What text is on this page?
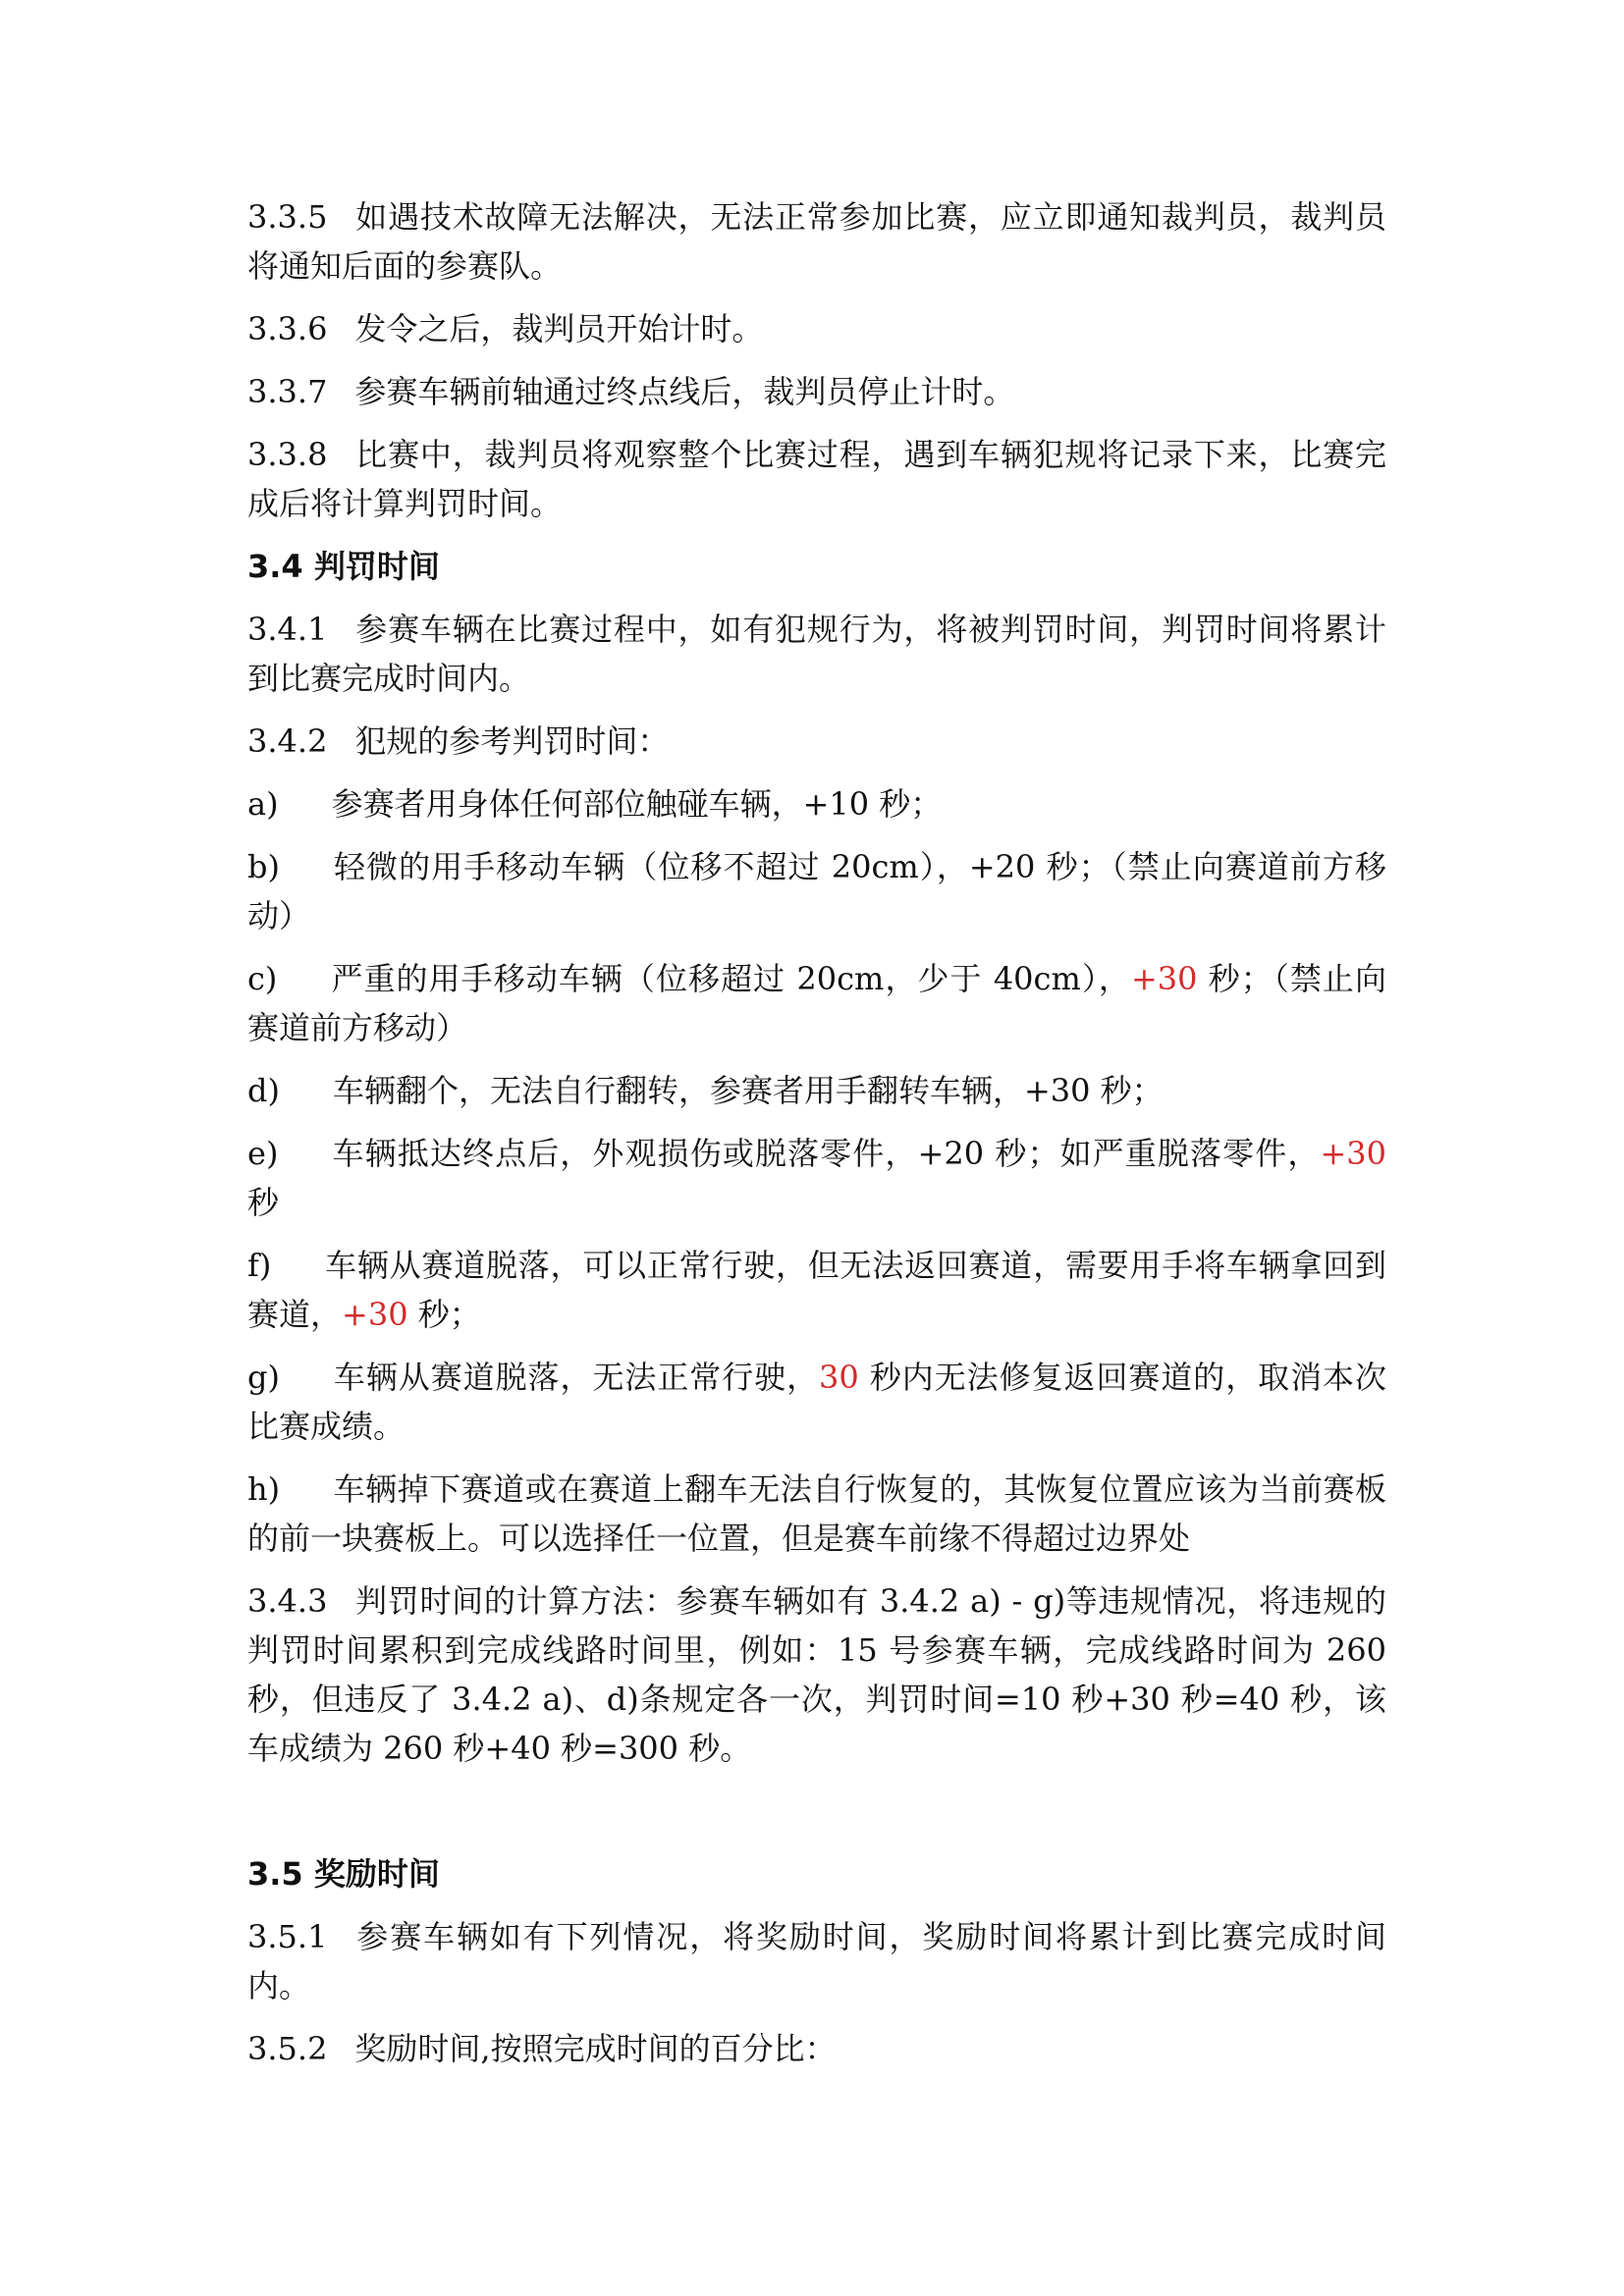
3.3.5 如遇技术故障无法解决，无法正常参加比赛，应立即通知裁判员，裁判员将通知后面的参赛队。

3.3.6 发令之后，裁判员开始计时。

3.3.7 参赛车辆前轴通过终点线后，裁判员停止计时。

3.3.8 比赛中，裁判员将观察整个比赛过程，遇到车辆犯规将记录下来，比赛完成后将计算判罚时间。

3.4 判罚时间

3.4.1 参赛车辆在比赛过程中，如有犯规行为，将被判罚时间，判罚时间将累计到比赛完成时间内。

3.4.2 犯规的参考判罚时间：

a) 参赛者用身体任何部位触碰车辆，+10 秒；

b) 轻微的用手移动车辆（位移不超过 20cm），+20 秒；（禁止向赛道前方移动）

c) 严重的用手移动车辆（位移超过 20cm，少于 40cm），+30 秒；（禁止向赛道前方移动）

d) 车辆翻个，无法自行翻转，参赛者用手翻转车辆，+30 秒；

e) 车辆抵达终点后，外观损伤或脱落零件，+20 秒；如严重脱落零件，+30 秒

f) 车辆从赛道脱落，可以正常行驶，但无法返回赛道，需要用手将车辆拿回到赛道，+30 秒；

g) 车辆从赛道脱落，无法正常行驶，30 秒内无法修复返回赛道的，取消本次比赛成绩。

h) 车辆掉下赛道或在赛道上翻车无法自行恢复的，其恢复位置应该为当前赛板的前一块赛板上。可以选择任一位置，但是赛车前缘不得超过边界处

3.4.3 判罚时间的计算方法：参赛车辆如有 3.4.2 a) - g)等违规情况，将违规的判罚时间累积到完成线路时间里，例如：15 号参赛车辆，完成线路时间为 260 秒，但违反了 3.4.2 a)、d)条规定各一次，判罚时间=10 秒+30 秒=40 秒，该车成绩为 260 秒+40 秒=300 秒。

3.5 奖励时间

3.5.1 参赛车辆如有下列情况，将奖励时间，奖励时间将累计到比赛完成时间内。

3.5.2 奖励时间,按照完成时间的百分比：
